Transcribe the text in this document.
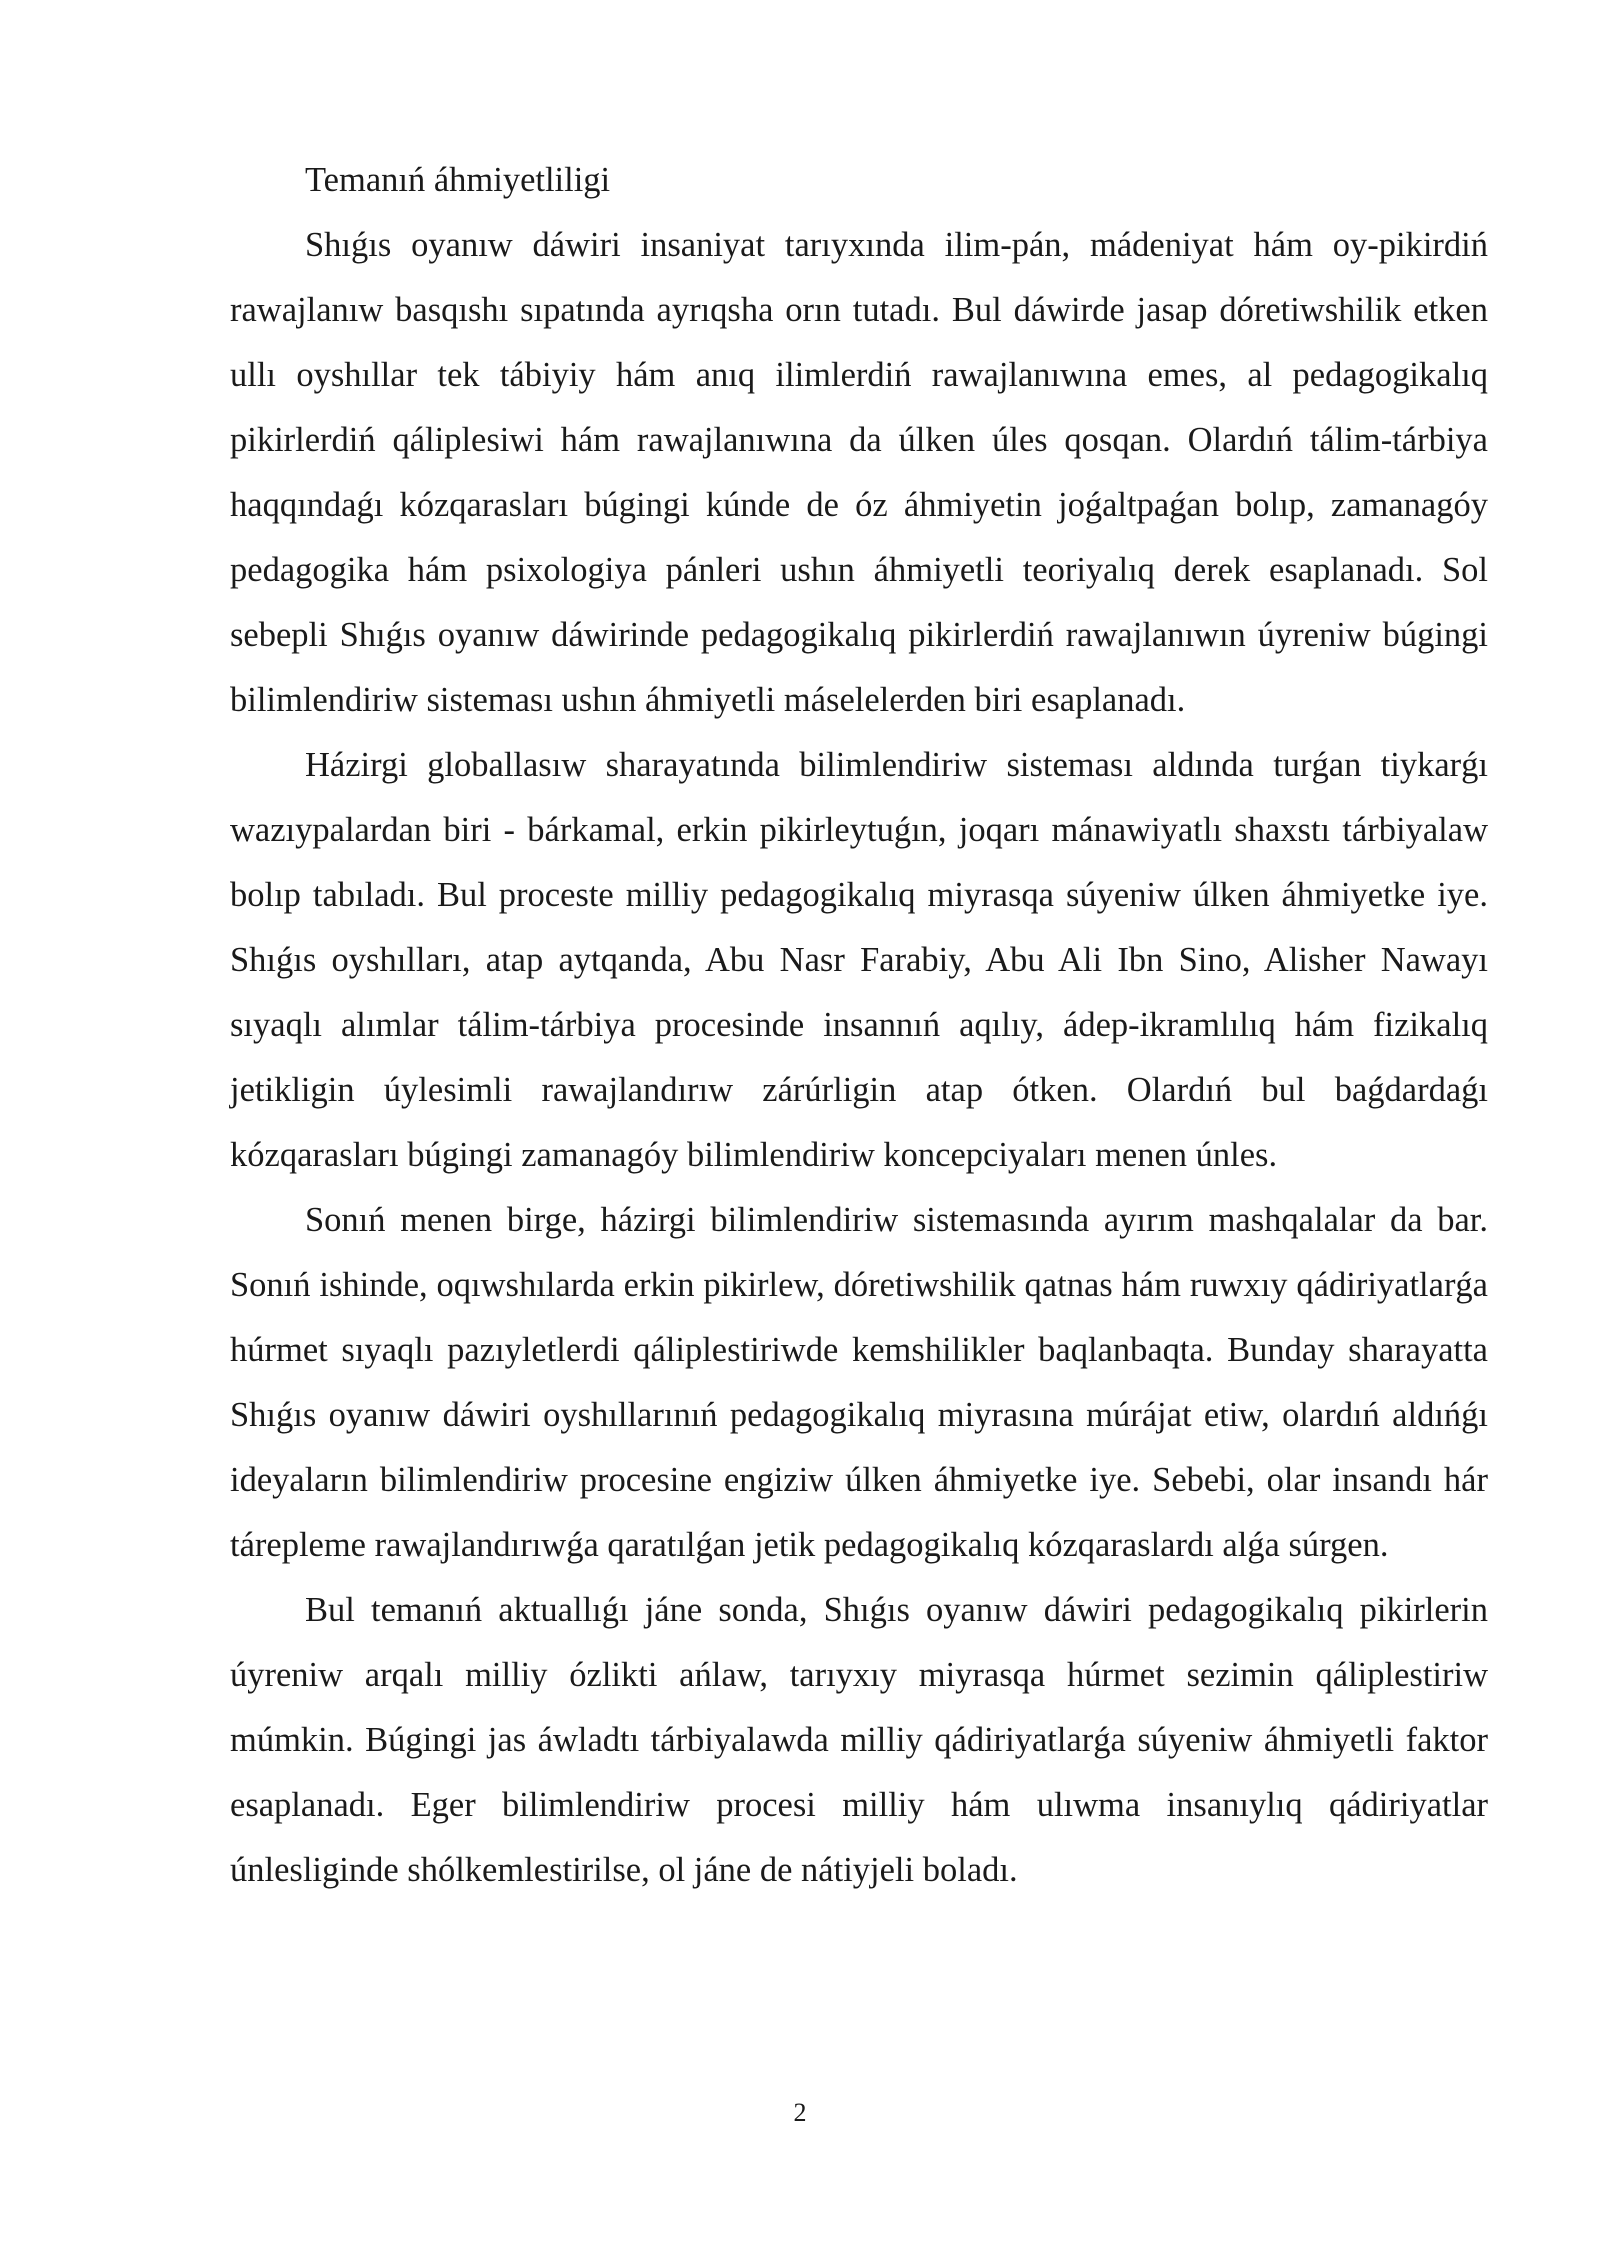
Temanıń áhmiyetliligi

Shıǵıs oyanıw dáwiri insaniyat tarıyxında ilim-pán, mádeniyat hám oy-pikirdiń rawajlanıw basqıshı sıpatında ayrıqsha orın tutadı. Bul dáwirde jasap dóretiwshilik etken ullı oyshıllar tek tábiyiy hám anıq ilimlerdiń rawajlanıwına emes, al pedagogikalıq pikirlerdiń qáliplesiwi hám rawajlanıwına da úlken úles qosqan. Olardıń tálim-tárbiya haqqındaǵı kózqarasları búgingi kúnde de óz áhmiyetin joǵaltpaǵan bolıp, zamanagóy pedagogika hám psixologiya pánleri ushın áhmiyetli teoriyalıq derek esaplanadı. Sol sebepli Shıǵıs oyanıw dáwirinde pedagogikalıq pikirlerdiń rawajlanıwın úyreniw búgingi bilimlendiriw sisteması ushın áhmiyetli máselelerden biri esaplanadı.

Házirgi globallasıw sharayatında bilimlendiriw sisteması aldında turǵan tiykarǵı wazıypalardan biri - bárkamal, erkin pikirleytuǵın, joqarı mánawiyatlı shaxstı tárbiyalaw bolıp tabıladı. Bul proceste milliy pedagogikalıq miyrasqa súyeniw úlken áhmiyetke iye. Shıǵıs oyshılları, atap aytqanda, Abu Nasr Farabiy, Abu Ali Ibn Sino, Alisher Nawayı sıyaqlı alımlar tálim-tárbiya procesinde insannıń aqılıy, ádep-ikramlılıq hám fizikalıq jetikligin úylesimli rawajlandırıw zárúrligin atap ótken. Olardıń bul baǵdardaǵı kózqarasları búgingi zamanagóy bilimlendiriw koncepciyaları menen únles.

Sonıń menen birge, házirgi bilimlendiriw sistemasında ayırım mashqalalar da bar. Sonıń ishinde, oqıwshılarda erkin pikirlew, dóretiwshilik qatnas hám ruwxıy qádiriyatlarǵa húrmet sıyaqlı pazıyletlerdi qáliplestiriwde kemshilikler baqlanbaqta. Bunday sharayatta Shıǵıs oyanıw dáwiri oyshıllarınıń pedagogikalıq miyrasına múrájat etiw, olardıń aldıńǵı ideyaların bilimlendiriw procesine engiziw úlken áhmiyetke iye. Sebebi, olar insandı hár tárepleme rawajlandırıwǵa qaratılǵan jetik pedagogikalıq kózqaraslardı alǵa súrgen.

Bul temanıń aktuallıǵı jáne sonda, Shıǵıs oyanıw dáwiri pedagogikalıq pikirlerin úyreniw arqalı milliy ózlikti ańlaw, tarıyxıy miyrasqa húrmet sezimin qáliplestiriw múmkin. Búgingi jas áwladtı tárbiyalawda milliy qádiriyatlarǵa súyeniw áhmiyetli faktor esaplanadı. Eger bilimlendiriw procesi milliy hám ulıwma insanıylıq qádiriyatlar únlesliginde shólkemlestirilse, ol jáne de nátiyjeli boladı.

2
